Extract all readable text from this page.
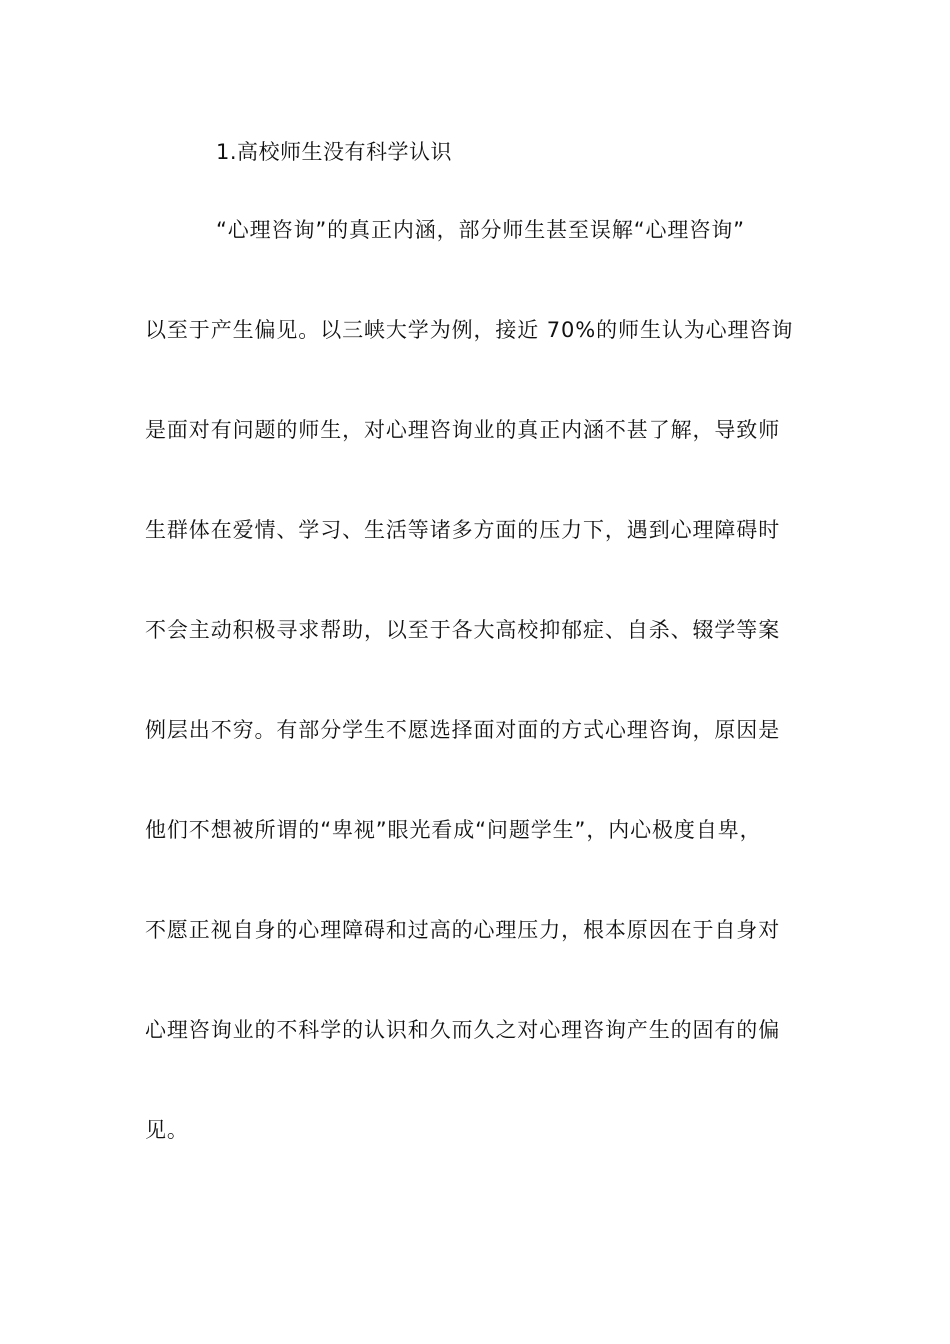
1.高校师生没有科学认识
“心理咨询”的真正内涵，部分师生甚至误解“心理咨询”
以至于产生偏见。以三峡大学为例，接近 70%的师生认为心理咨询
是面对有问题的师生，对心理咨询业的真正内涵不甚了解，导致师
生群体在爱情、学习、生活等诸多方面的压力下，遇到心理障碍时
不会主动积极寻求帮助，以至于各大高校抑郁症、自杀、辍学等案
例层出不穷。有部分学生不愿选择面对面的方式心理咨询，原因是
他们不想被所谓的“卑视”眼光看成“问题学生”，内心极度自卑，
不愿正视自身的心理障碍和过高的心理压力，根本原因在于自身对
心理咨询业的不科学的认识和久而久之对心理咨询产生的固有的偏
见。
